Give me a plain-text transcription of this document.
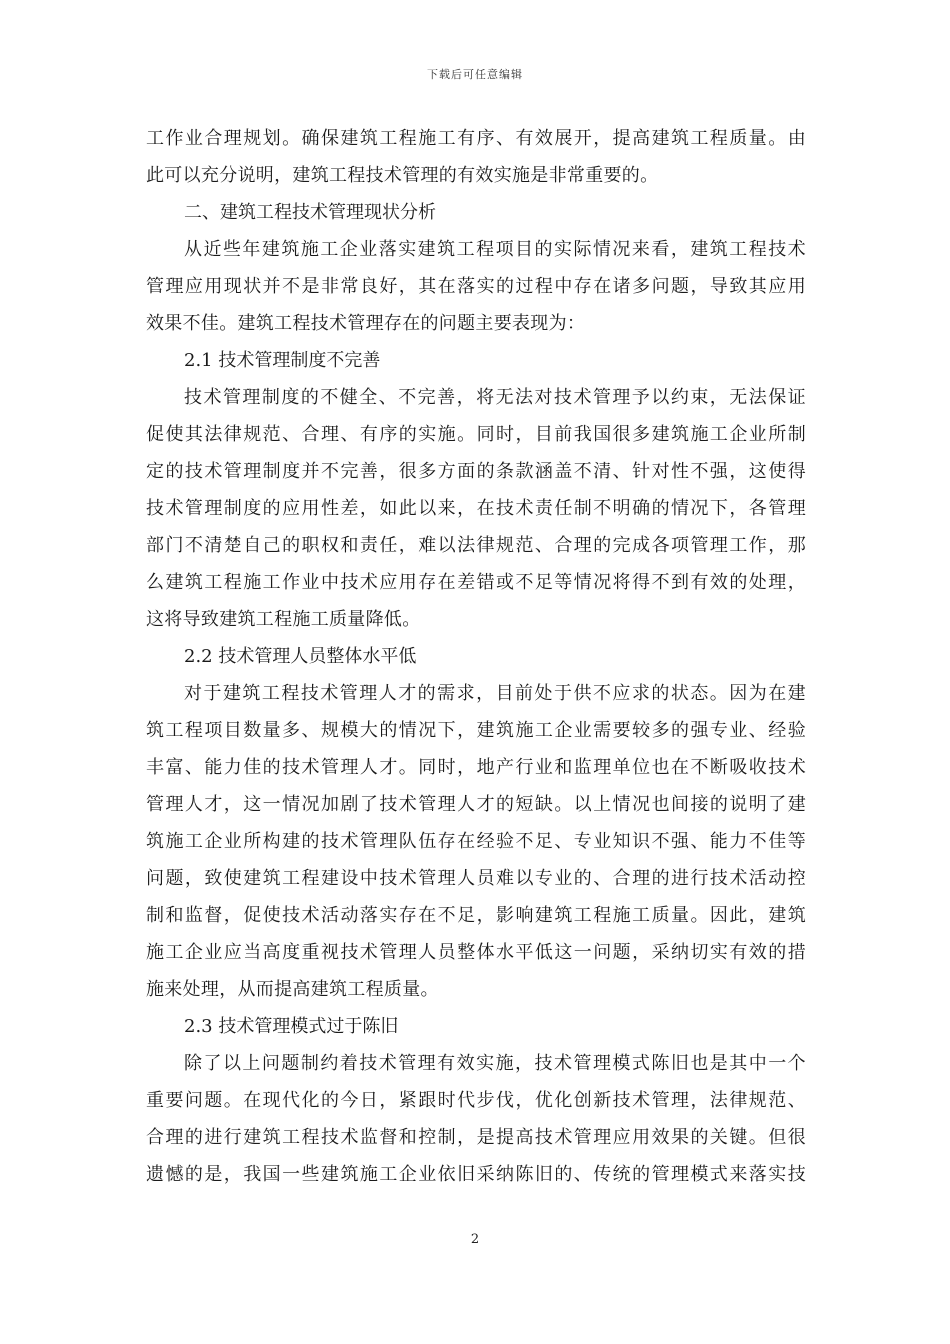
下载后可任意编辑
工作业合理规划。确保建筑工程施工有序、有效展开，提高建筑工程质量。由
此可以充分说明，建筑工程技术管理的有效实施是非常重要的。
二、建筑工程技术管理现状分析
从近些年建筑施工企业落实建筑工程项目的实际情况来看，建筑工程技术
管理应用现状并不是非常良好，其在落实的过程中存在诸多问题，导致其应用
效果不佳。建筑工程技术管理存在的问题主要表现为：
2.1 技术管理制度不完善
技术管理制度的不健全、不完善，将无法对技术管理予以约束，无法保证
促使其法律规范、合理、有序的实施。同时，目前我国很多建筑施工企业所制
定的技术管理制度并不完善，很多方面的条款涵盖不清、针对性不强，这使得
技术管理制度的应用性差，如此以来，在技术责任制不明确的情况下，各管理
部门不清楚自己的职权和责任，难以法律规范、合理的完成各项管理工作，那
么建筑工程施工作业中技术应用存在差错或不足等情况将得不到有效的处理，
这将导致建筑工程施工质量降低。
2.2 技术管理人员整体水平低
对于建筑工程技术管理人才的需求，目前处于供不应求的状态。因为在建
筑工程项目数量多、规模大的情况下，建筑施工企业需要较多的强专业、经验
丰富、能力佳的技术管理人才。同时，地产行业和监理单位也在不断吸收技术
管理人才，这一情况加剧了技术管理人才的短缺。以上情况也间接的说明了建
筑施工企业所构建的技术管理队伍存在经验不足、专业知识不强、能力不佳等
问题，致使建筑工程建设中技术管理人员难以专业的、合理的进行技术活动控
制和监督，促使技术活动落实存在不足，影响建筑工程施工质量。因此，建筑
施工企业应当高度重视技术管理人员整体水平低这一问题，采纳切实有效的措
施来处理，从而提高建筑工程质量。
2.3 技术管理模式过于陈旧
除了以上问题制约着技术管理有效实施，技术管理模式陈旧也是其中一个
重要问题。在现代化的今日，紧跟时代步伐，优化创新技术管理，法律规范、
合理的进行建筑工程技术监督和控制，是提高技术管理应用效果的关键。但很
遗憾的是，我国一些建筑施工企业依旧采纳陈旧的、传统的管理模式来落实技
2
